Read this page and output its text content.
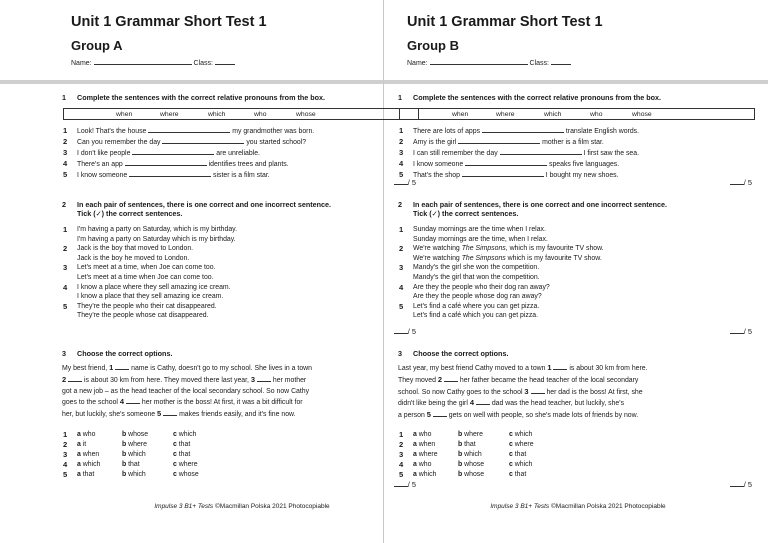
Unit 1 Grammar Short Test 1
Group A
Name:	Class:
1 Complete the sentences with the correct relative pronouns from the box.
when	where	which	who	whose
1 Look! That's the house	my grandmother was born.
2 Can you remember the day	you started school?
3 I don't like people	are unreliable.
4 There's an app	identifies trees and plants.
5 I know someone	sister is a film star.
/ 5
2 In each pair of sentences, there is one correct and one incorrect sentence.
Tick (✓) the correct sentences.
1 I'm having a party on Saturday, which is my birthday.
I'm having a party on Saturday which is my birthday.
2 Jack is the boy that moved to London.
Jack is the boy he moved to London.
3 Let's meet at a time, when Joe can come too.
Let's meet at a time when Joe can come too.
4 I know a place where they sell amazing ice cream.
I know a place that they sell amazing ice cream.
5 They're the people who their cat disappeared.
They're the people whose cat disappeared.
/ 5
3 Choose the correct options.
My best friend, 1	name is Cathy, doesn't go to my school. She lives in a town
2	is about 30 km from here. They moved there last year, 3	her mother
got a new job – as the head teacher of the local secondary school. So now Cathy
goes to the school 4	her mother is the boss! At first, it was a bit difficult for
her, but luckily, she's someone 5	makes friends easily, and it's fine now.
1 a who	b whose	c which
2 a it	b where	c that
3 a when	b which	c that
4 a which	b that	c where
5 a that	b which	c whose
/ 5
Impulse 3 B1+ Tests ©Macmillan Polska 2021 Photocopiable
Unit 1 Grammar Short Test 1
Group B
Name:	Class:
1 Complete the sentences with the correct relative pronouns from the box.
when	where	which	who	whose
1 There are lots of apps	translate English words.
2 Amy is the girl	mother is a film star.
3 I can still remember the day	I first saw the sea.
4 I know someone	speaks five languages.
5 That's the shop	I bought my new shoes.
/ 5
2 In each pair of sentences, there is one correct and one incorrect sentence.
Tick (✓) the correct sentences.
1 Sunday mornings are the time when I relax.
Sunday mornings are the time, when I relax.
2 We're watching The Simpsons, which is my favourite TV show.
We're watching The Simpsons which is my favourite TV show.
3 Mandy's the girl she won the competition.
Mandy's the girl that won the competition.
4 Are they the people who their dog ran away?
Are they the people whose dog ran away?
5 Let's find a café where you can get pizza.
Let's find a café which you can get pizza.
/ 5
3 Choose the correct options.
Last year, my best friend Cathy moved to a town 1	is about 30 km from here.
They moved 2	her father became the head teacher of the local secondary
school. So now Cathy goes to the school 3	her dad is the boss! At first, she
didn't like being the girl 4	dad was the head teacher, but luckily, she's
a person 5	gets on well with people, so she's made lots of friends by now.
1 a who	b where	c which
2 a when	b that	c where
3 a where	b which	c that
4 a who	b whose	c which
5 a which	b whose	c that
/ 5
Impulse 3 B1+ Tests ©Macmillan Polska 2021 Photocopiable
